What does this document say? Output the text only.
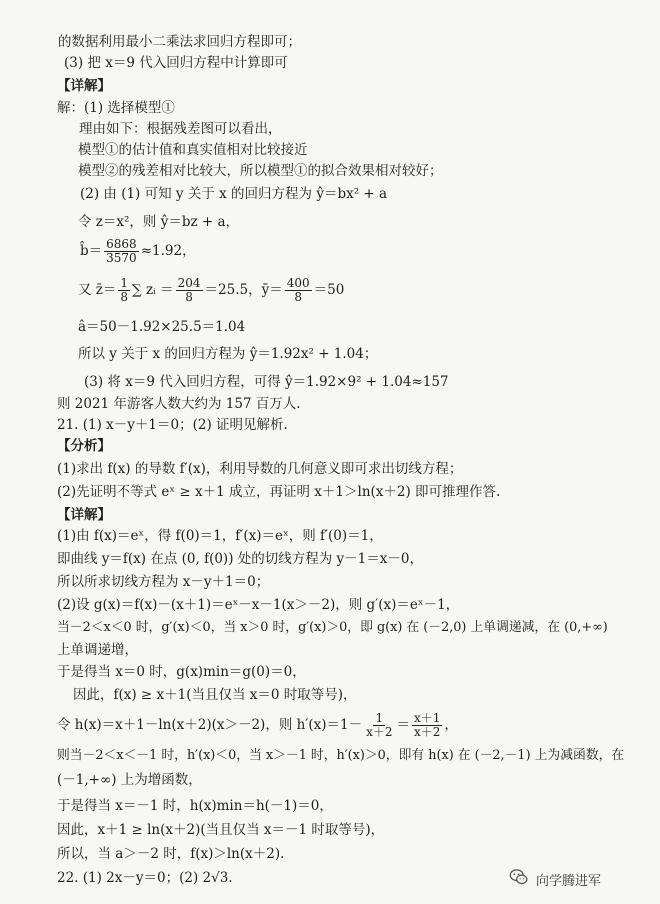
的数据利用最小二乘法求回归方程即可；
(3) 把 x＝9 代入回归方程中计算即可
【详解】
解：(1) 选择模型①
理由如下：根据残差图可以看出，
模型①的估计值和真实值相对比较接近
模型②的残差相对比较大，所以模型①的拟合效果相对较好；
(2) 由 (1) 可知 y 关于 x 的回归方程为 ŷ＝bx² + a
令 z＝x²，则 ŷ＝bz + a，
b̂＝ $\frac{6868}{3570} \approx 1.92$，
又 z̄＝ $\frac{1}{8}$ ∑ zᵢ ＝ $\frac{204}{8} =25.5$，ȳ＝ $\frac{400}{8} =50$
â＝50－1.92×25.5＝1.04
所以 y 关于 x 的回归方程为 ŷ＝1.92x² + 1.04；
(3) 将 x＝9 代入回归方程，可得 ŷ＝1.92×9² + 1.04≈157
则 2021 年游客人数大约为 157 百万人.
21. (1) x－y＋1＝0；(2) 证明见解析.
【分析】
(1)求出 f(x) 的导数 f′(x)，利用导数的几何意义即可求出切线方程；
(2)先证明不等式 eˣ ≥ x＋1 成立，再证明 x＋1＞ln(x＋2) 即可推理作答.
【详解】
(1)由 f(x)＝eˣ，得 f(0)＝1，f′(x)＝eˣ，则 f′(0)＝1，
即曲线 y＝f(x) 在点 (0, f(0)) 处的切线方程为 y－1＝x－0，
所以所求切线方程为 x－y＋1＝0；
(2)设 g(x)＝f(x)－(x＋1)＝eˣ－x－1(x＞－2)，则 g′(x)＝eˣ－1，
当－2＜x＜0 时，g′(x)＜0，当 x＞0 时，g′(x)＞0，即 g(x) 在 (－2,0) 上单调递减，在 (0,+∞)
上单调递增，
于是得当 x＝0 时，g(x)min＝g(0)＝0，
因此，f(x) ≥ x＋1(当且仅当 x＝0 时取等号)，
令 h(x)＝x＋1－ln(x＋2)(x＞－2)，则 $h'(x)=1- \frac{1}{x+2} = \frac{x+1}{x+2}$ ，
则当－2＜x＜－1 时，h′(x)＜0，当 x＞－1 时，h′(x)＞0，即有 h(x) 在 (－2,－1) 上为减函数，在
(－1,+∞) 上为增函数，
于是得当 x＝－1 时，h(x)min＝h(－1)＝0，
因此，x＋1 ≥ ln(x＋2)(当且仅当 x＝－1 时取等号)，
所以，当 a＞－2 时，f(x)＞ln(x＋2).
22. (1) 2x－y＝0；(2) 2√3.	向学腾进军
